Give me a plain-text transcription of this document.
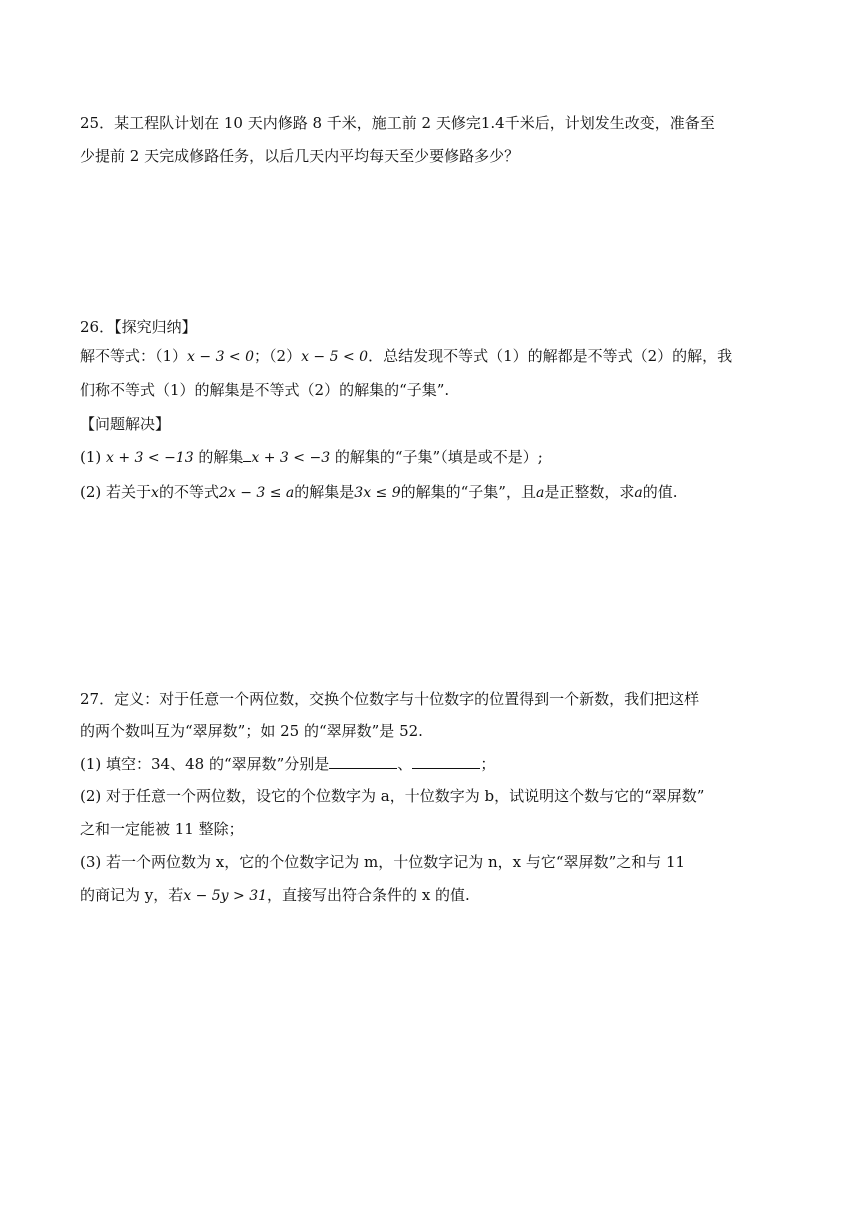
25．某工程队计划在 10 天内修路 8 千米，施工前 2 天修完1.4千米后，计划发生改变，准备至
少提前 2 天完成修路任务，以后几天内平均每天至少要修路多少？
26．【探究归纳】
解不等式：（1）x − 3 < 0；（2）x − 5 < 0．总结发现不等式（1）的解都是不等式（2）的解，我
们称不等式（1）的解集是不等式（2）的解集的“子集”.
【问题解决】
(1) x + 3 < −13 的解集 x + 3 < −3 的解集的“子集”（填是或不是）;
(2) 若关于x的不等式2x − 3 ≤ a的解集是3x ≤ 9的解集的“子集”，且a是正整数，求a的值.
27．定义：对于任意一个两位数，交换个位数字与十位数字的位置得到一个新数，我们把这样
的两个数叫互为“翠屏数”；如 25 的“翠屏数”是 52.
(1) 填空：34、48 的“翠屏数”分别是	、	；
(2) 对于任意一个两位数，设它的个位数字为 a，十位数字为 b，试说明这个数与它的“翠屏数”
之和一定能被 11 整除；
(3) 若一个两位数为 x，它的个位数字记为 m，十位数字记为 n，x 与它“翠屏数”之和与 11
的商记为 y，若x − 5y > 31，直接写出符合条件的 x 的值.
